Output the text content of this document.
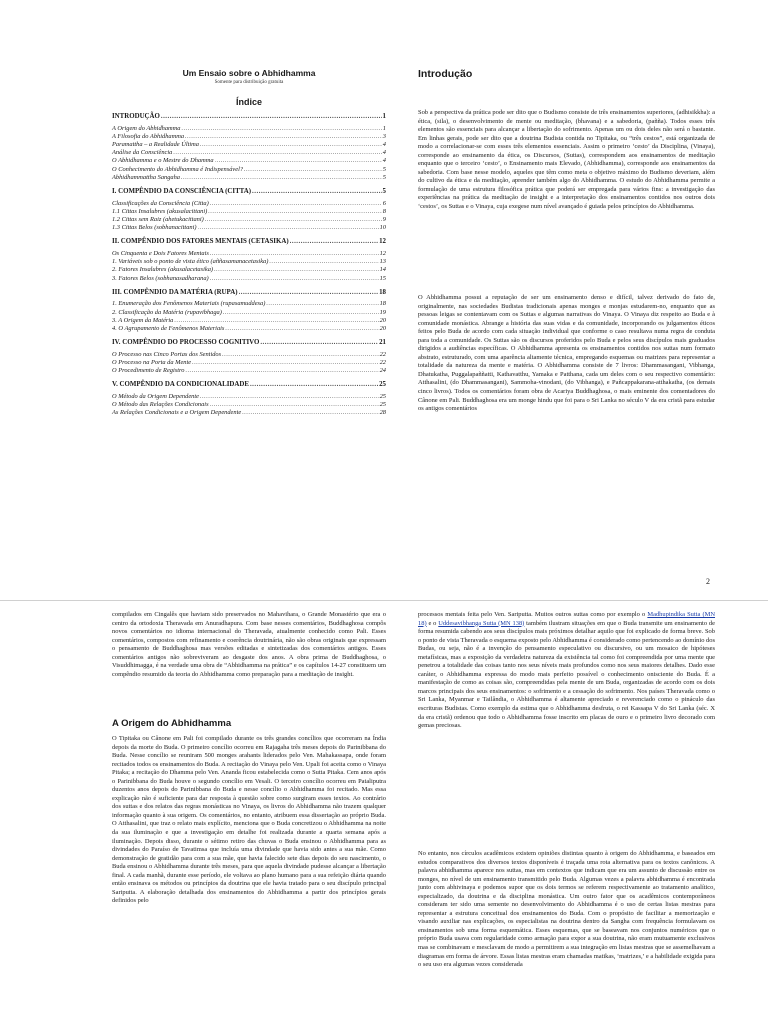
Um Ensaio sobre o Abhidhamma
Somente para distribuição gratuita
Índice
INTRODUÇÃO .....	1
A Origem do Abhidhamma .....	1
A Filosofia do Abhidhamma .....	3
Paramattha – a Realidade Última .....	4
Análise da Consciência .....	4
O Abhidhamma e o Mestre do Dhamma .....	4
O Conhecimento do Abhidhamma é Indispensável? .....	5
Abhidhammattha Sangaha .....	5
I. COMPÊNDIO DA CONSCIÊNCIA (CITTA) .....	5
Classificações da Consciência (Citta) .....	6
1.1 Cittas Insalubres (akusalacittani) .....	8
1.2 Cittas sem Raiz (ahetukacittani) .....	9
1.3 Cittas Belos (sobhanacittani) .....	10
II. COMPÊNDIO DOS FATORES MENTAIS (CETASIKA) .....	12
Os Cinquenta e Dois Fatores Mentais .....	12
1. Variáveis sob o ponto de vista ético (aññasamanacetasika) .....	13
2. Fatores Insalubres (akusalacetasika) .....	14
3. Fatores Belos (sobhanasadharana) .....	15
III. COMPÊNDIO DA MATÉRIA (RUPA) .....	18
1. Enumeração dos Fenômenos Materiais (rupasamuddesa) .....	18
2. Classificação da Matéria (rupavibhaga) .....	19
3. A Origem da Matéria .....	20
4. O Agrupamento de Fenômenos Materiais .....	20
IV. COMPÊNDIO DO PROCESSO COGNITIVO .....	21
O Processo nas Cinco Portas dos Sentidos .....	22
O Processo na Porta da Mente .....	22
O Procedimento de Registro .....	24
V. COMPÊNDIO DA CONDICIONALIDADE .....	25
O Método da Origem Dependente .....	25
O Método das Relações Condicionais .....	25
As Relações Condicionais e a Origem Dependente .....	28
Introdução

Sob a perspectiva da prática pode ser dito que o Budismo consiste de três ensinamentos superiores, (adhisikkha): a ética, (sila), o desenvolvimento de mente ou meditação, (bhavana) e a sabedoria, (pañña). Todos esses três elementos são essenciais para alcançar a libertação do sofrimento. Apenas um ou dois deles não será o bastante. Em linhas gerais, pode ser dito que a doutrina Budista contida no Tipitaka, ou “três cestos”, está organizada de modo a correlacionar-se com esses três elementos essenciais. Assim o primeiro ‘cesto’ da Disciplina, (Vinaya), corresponde ao ensinamento da ética, os Discursos, (Suttas), correspondem aos ensinamentos de meditação enquanto que o terceiro ‘cesto’, o Ensinamento mais Elevado, (Abhidhamma), corresponde aos ensinamentos da sabedoria. Com base nesse modelo, aqueles que têm como meta o objetivo máximo do Budismo deveriam, além do cultivo da ética e da meditação, aprender também algo do Abhidhamma. O estudo do Abhidhamma permite a formulação de uma estrutura filosófica prática que poderá ser empregada para vários fins: a investigação das experiências na prática da meditação de insight e a interpretação dos ensinamentos contidos nos outros dois ‘cestos’, os Suttas e o Vinaya, cuja exegese num nível avançado é guiada pelos princípios do Abhidhamma.

O Abhidhamma possui a reputação de ser um ensinamento denso e difícil, talvez derivado do fato de, originalmente, nas sociedades Budistas tradicionais apenas monges e monjas estudarem-no, enquanto que as pessoas leigas se contentavam com os Suttas e algumas narrativas do Vinaya. O Vinaya diz respeito ao Buda e à comunidade monástica. Abrange a história das suas vidas e da comunidade, incorporando os julgamentos éticos feitos pelo Buda de acordo com cada situação individual que conforme o caso resultava numa regra de conduta para toda a comunidade. Os Suttas são os discursos proferidos pelo Buda e pelos seus discípulos mais graduados dirigidos a audiências específicas. O Abhidhamma apresenta os ensinamentos contidos nos suttas num formato abstrato, estruturado, com uma aparência altamente técnica, empregando esquemas ou matrizes para representar a totalidade da natureza da mente e matéria. O Abhidhamma consiste de 7 livros: Dhammasangani, Vibhanga, Dhatukatha, Puggalapaññatti, Kathavatthu, Yamaka e Patthana, cada um deles com o seu respectivo comentário: Atthasalini, (do Dhammasangani), Sammoha-vinodani, (do Vibhanga), e Pañcappakarana-atthakatha, (os demais cinco livros). Todos os comentários foram obra de Acariya Buddhaghosa, o mais eminente dos comentadores do Cânone em Pali. Buddhaghosa era um monge hindu que foi para o Sri Lanka no século V da era cristã para estudar os antigos comentários

2

compilados em Cingalês que haviam sido preservados no Mahavihara, o Grande Monastério que era o centro da ortodoxia Theravada em Anuradhapura. Com base nesses comentários, Buddhaghosa compôs novos comentários no idioma internacional do Theravada, atualmente conhecido como Pali. Esses comentários, compostos com refinamento e coerência doutrinária, não são obras originais que expressam o pensamento de Buddhaghosa mas versões editadas e sintetizadas dos comentários antigos. Esses comentários antigos não sobreviveram ao desgaste dos anos. A obra prima de Buddhaghosa, o Visuddhimagga, é na verdade uma obra de “Abhidhamma na prática” e os capítulos 14-27 constituem um compêndio resumido da teoria do Abhidhamma como preparação para a meditação de insight.

A Origem do Abhidhamma

O Tipitaka ou Cânone em Pali foi compilado durante os três grandes concílios que ocorreram na Índia depois da morte do Buda. O primeiro concílio ocorreu em Rajagaha três meses depois do Parinibbana do Buda. Nesse concílio se reuniram 500 monges arahants liderados pelo Ven. Mahakassapa, onde foram recitados todos os ensinamentos do Buda. A recitação do Vinaya pelo Ven. Upali foi aceita como o Vinaya Pitaka; a recitação do Dhamma pelo Ven. Ananda ficou estabelecida como o Sutta Pitaka. Cem anos após o Parinibbana do Buda houve o segundo concílio em Vesali. O terceiro concílio ocorreu em Pataliputra duzentos anos depois do Parinibbana do Buda e nesse concílio o Abhidhamma foi recitado. Mas essa explicação não é suficiente para dar resposta à questão sobre como surgiram esses textos. Ao contrário dos suttas e dos relatos das regras monásticas no Vinaya, os livros do Abhidhamma não trazem qualquer informação quanto à sua origem. Os comentários, no entanto, atribuem essa dissertação ao próprio Buda. O Atthasalini, que traz o relato mais explícito, menciona que o Buda concretizou o Abhidhamma na noite da sua iluminação e que a investigação em detalhe foi realizada durante a quarta semana após a iluminação. Depois disso, durante o sétimo retiro das chuvas o Buda ensinou o Abhidhamma para as divindades do Paraíso de Tavatimsa que incluía uma divindade que havia sido antes a sua mãe. Como demonstração de gratidão para com a sua mãe, que havia falecido sete dias depois do seu nascimento, o Buda ensinou o Abhidhamma durante três meses, para que aquela divindade pudesse alcançar a libertação final. A cada manhã, durante esse período, ele voltava ao plano humano para a sua refeição diária quando então ensinava os métodos ou princípios da doutrina que ele havia tratado para o seu discípulo principal Sariputta. A elaboração detalhada dos ensinamentos do Abhidhamma a partir dos princípios gerais definidos pelo

processos mentais feita pelo Ven. Sariputta. Muitos outros suttas como por exemplo o Madhupindika Sutta (MN 18) e o Uddesavibhanga Sutta (MN 138) também ilustram situações em que o Buda transmite um ensinamento de forma resumida cabendo aos seus discípulos mais próximos detalhar aquilo que foi explicado de forma breve. Sob o ponto de vista Theravada o esquema exposto pelo Abhidhamma é considerado como pertencendo ao domínio dos Budas, ou seja, não é a invenção do pensamento especulativo ou discursivo, ou um mosaico de hipóteses metafísicas, mas a exposição da verdadeira natureza da existência tal como foi compreendida por uma mente que penetrou a totalidade das coisas tanto nos seus níveis mais profundos como nos seus maiores detalhes. Dado esse caráter, o Abhidhamma expressa do modo mais perfeito possível o conhecimento onisciente do Buda. É a manifestação de como as coisas são, compreendidas pela mente de um Buda, organizadas de acordo com os dois marcos principais dos seus ensinamentos: o sofrimento e a cessação do sofrimento. Nos países Theravada como o Sri Lanka, Myanmar e Tailândia, o Abhidhamma é altamente apreciado e reverenciado como o pináculo das escrituras Budistas. Como exemplo da estima que o Abhidhamma desfruta, o rei Kassapa V do Sri Lanka (séc. X da era cristã) ordenou que todo o Abhidhamma fosse inscrito em placas de ouro e o primeiro livro decorado com gemas preciosas.

No entanto, nos círculos acadêmicos existem opiniões distintas quanto à origem do Abhidhamma, e baseados em estudos comparativos dos diversos textos disponíveis é traçada uma rota alternativa para os textos canônicos. A palavra abhidhamma aparece nos suttas, mas em contextos que indicam que era um assunto de discussão entre os monges, no nível de um ensinamento transmitido pelo Buda. Algumas vezes a palavra abhidhamma é encontrada junto com abhivinaya e podemos supor que os dois termos se referem respectivamente ao tratamento analítico, especializado, da doutrina e da disciplina monástica. Um outro fator que os acadêmicos contemporâneos consideram ter sido uma semente no desenvolvimento do Abhidhamma é o uso de certas listas mestras para representar a estrutura conceitual dos ensinamentos do Buda. Com o propósito de facilitar a memorização e visando auxiliar nas explicações, os especialistas na doutrina dentro da Sangha com frequência formulavam os ensinamentos sob uma forma esquemática. Esses esquemas, que se baseavam nos conjuntos numéricos que o próprio Buda usava com regularidade como armação para expor a sua doutrina, não eram mutuamente exclusivos mas se combinavam e mesclavam de modo a permitirem a sua integração em listas mestras que se assemelhavam a diagramas em forma de árvore. Essas listas mestras eram chamadas matikas, ‘matrizes,’ e a habilidade exigida para o seu uso era algumas vezes considerada
